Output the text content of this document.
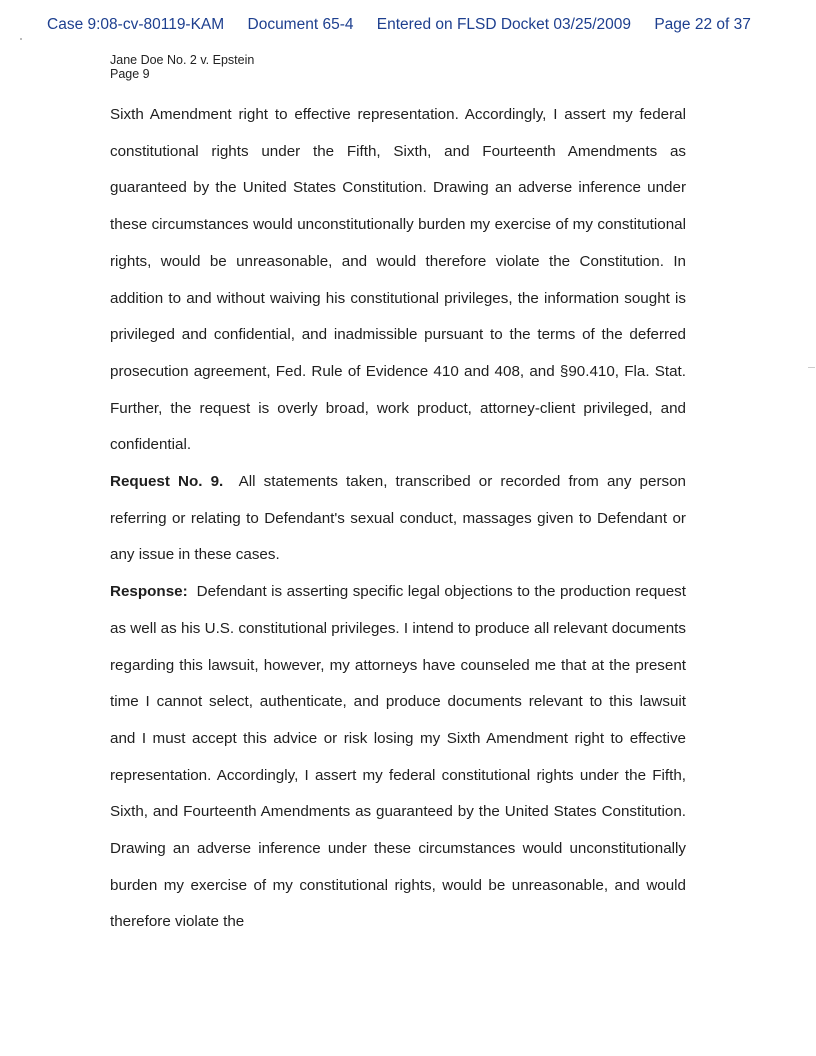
Case 9:08-cv-80119-KAM Document 65-4 Entered on FLSD Docket 03/25/2009 Page 22 of 37
Jane Doe No. 2 v. Epstein
Page 9

Sixth Amendment right to effective representation. Accordingly, I assert my federal constitutional rights under the Fifth, Sixth, and Fourteenth Amendments as guaranteed by the United States Constitution. Drawing an adverse inference under these circumstances would unconstitutionally burden my exercise of my constitutional rights, would be unreasonable, and would therefore violate the Constitution. In addition to and without waiving his constitutional privileges, the information sought is privileged and confidential, and inadmissible pursuant to the terms of the deferred prosecution agreement, Fed. Rule of Evidence 410 and 408, and §90.410, Fla. Stat. Further, the request is overly broad, work product, attorney-client privileged, and confidential.

Request No. 9. All statements taken, transcribed or recorded from any person referring or relating to Defendant's sexual conduct, massages given to Defendant or any issue in these cases.

Response: Defendant is asserting specific legal objections to the production request as well as his U.S. constitutional privileges. I intend to produce all relevant documents regarding this lawsuit, however, my attorneys have counseled me that at the present time I cannot select, authenticate, and produce documents relevant to this lawsuit and I must accept this advice or risk losing my Sixth Amendment right to effective representation. Accordingly, I assert my federal constitutional rights under the Fifth, Sixth, and Fourteenth Amendments as guaranteed by the United States Constitution. Drawing an adverse inference under these circumstances would unconstitutionally burden my exercise of my constitutional rights, would be unreasonable, and would therefore violate the
